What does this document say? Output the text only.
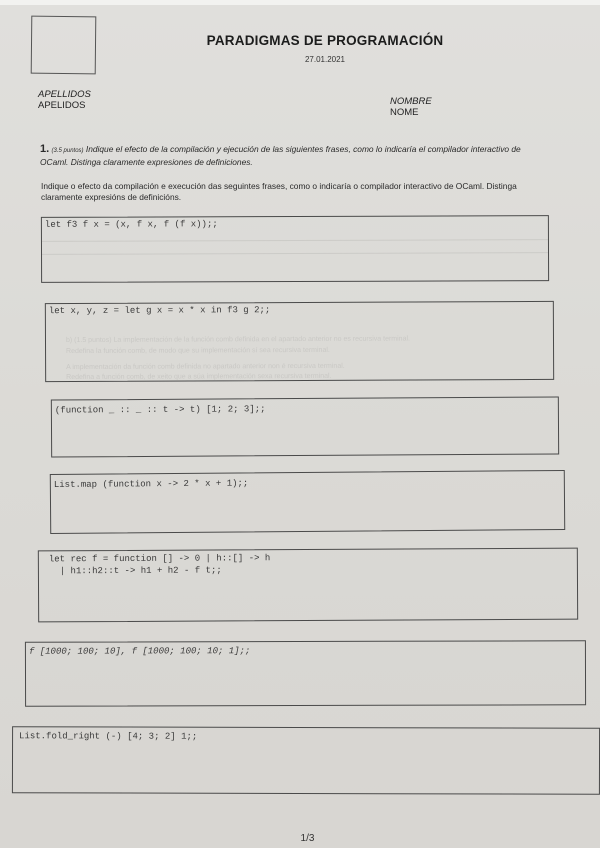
PARADIGMAS DE PROGRAMACIÓN
27.01.2021
APELLIDOS
APELIDOS	NOMBRE
NOME
1. (3.5 puntos) Indique el efecto de la compilación y ejecución de las siguientes frases, como lo indicaría el compilador interactivo de OCaml. Distinga claramente expresiones de definiciones.
Indique o efecto da compilación e execución das seguintes frases, como o indicaría o compilador interactivo de OCaml. Distinga claramente expresións de definicións.
let f3 f x = (x, f x, f (f x));;
let x, y, z = let g x = x * x in f3 g 2;;
b) (1.5 puntos) La implementación de la función comb definida en el apartado anterior no es recursiva terminal.
Redefina la función comb, de modo que su implementación sí sea recursiva terminal.
A implementación da función comb definida no apartado anterior non é recursiva terminal.
Redefina a función comb, de xeito que a súa implementación sexa recursiva terminal.
(function _ :: _ :: t -> t) [1; 2; 3];;
List.map (function x -> 2 * x + 1);;
let rec f = function [] -> 0 | h::[] -> h
| h1::h2::t -> h1 + h2 - f t;;
f [1000; 100; 10], f [1000; 100; 10; 1];;
List.fold_right (-) [4; 3; 2] 1;;
1/3
